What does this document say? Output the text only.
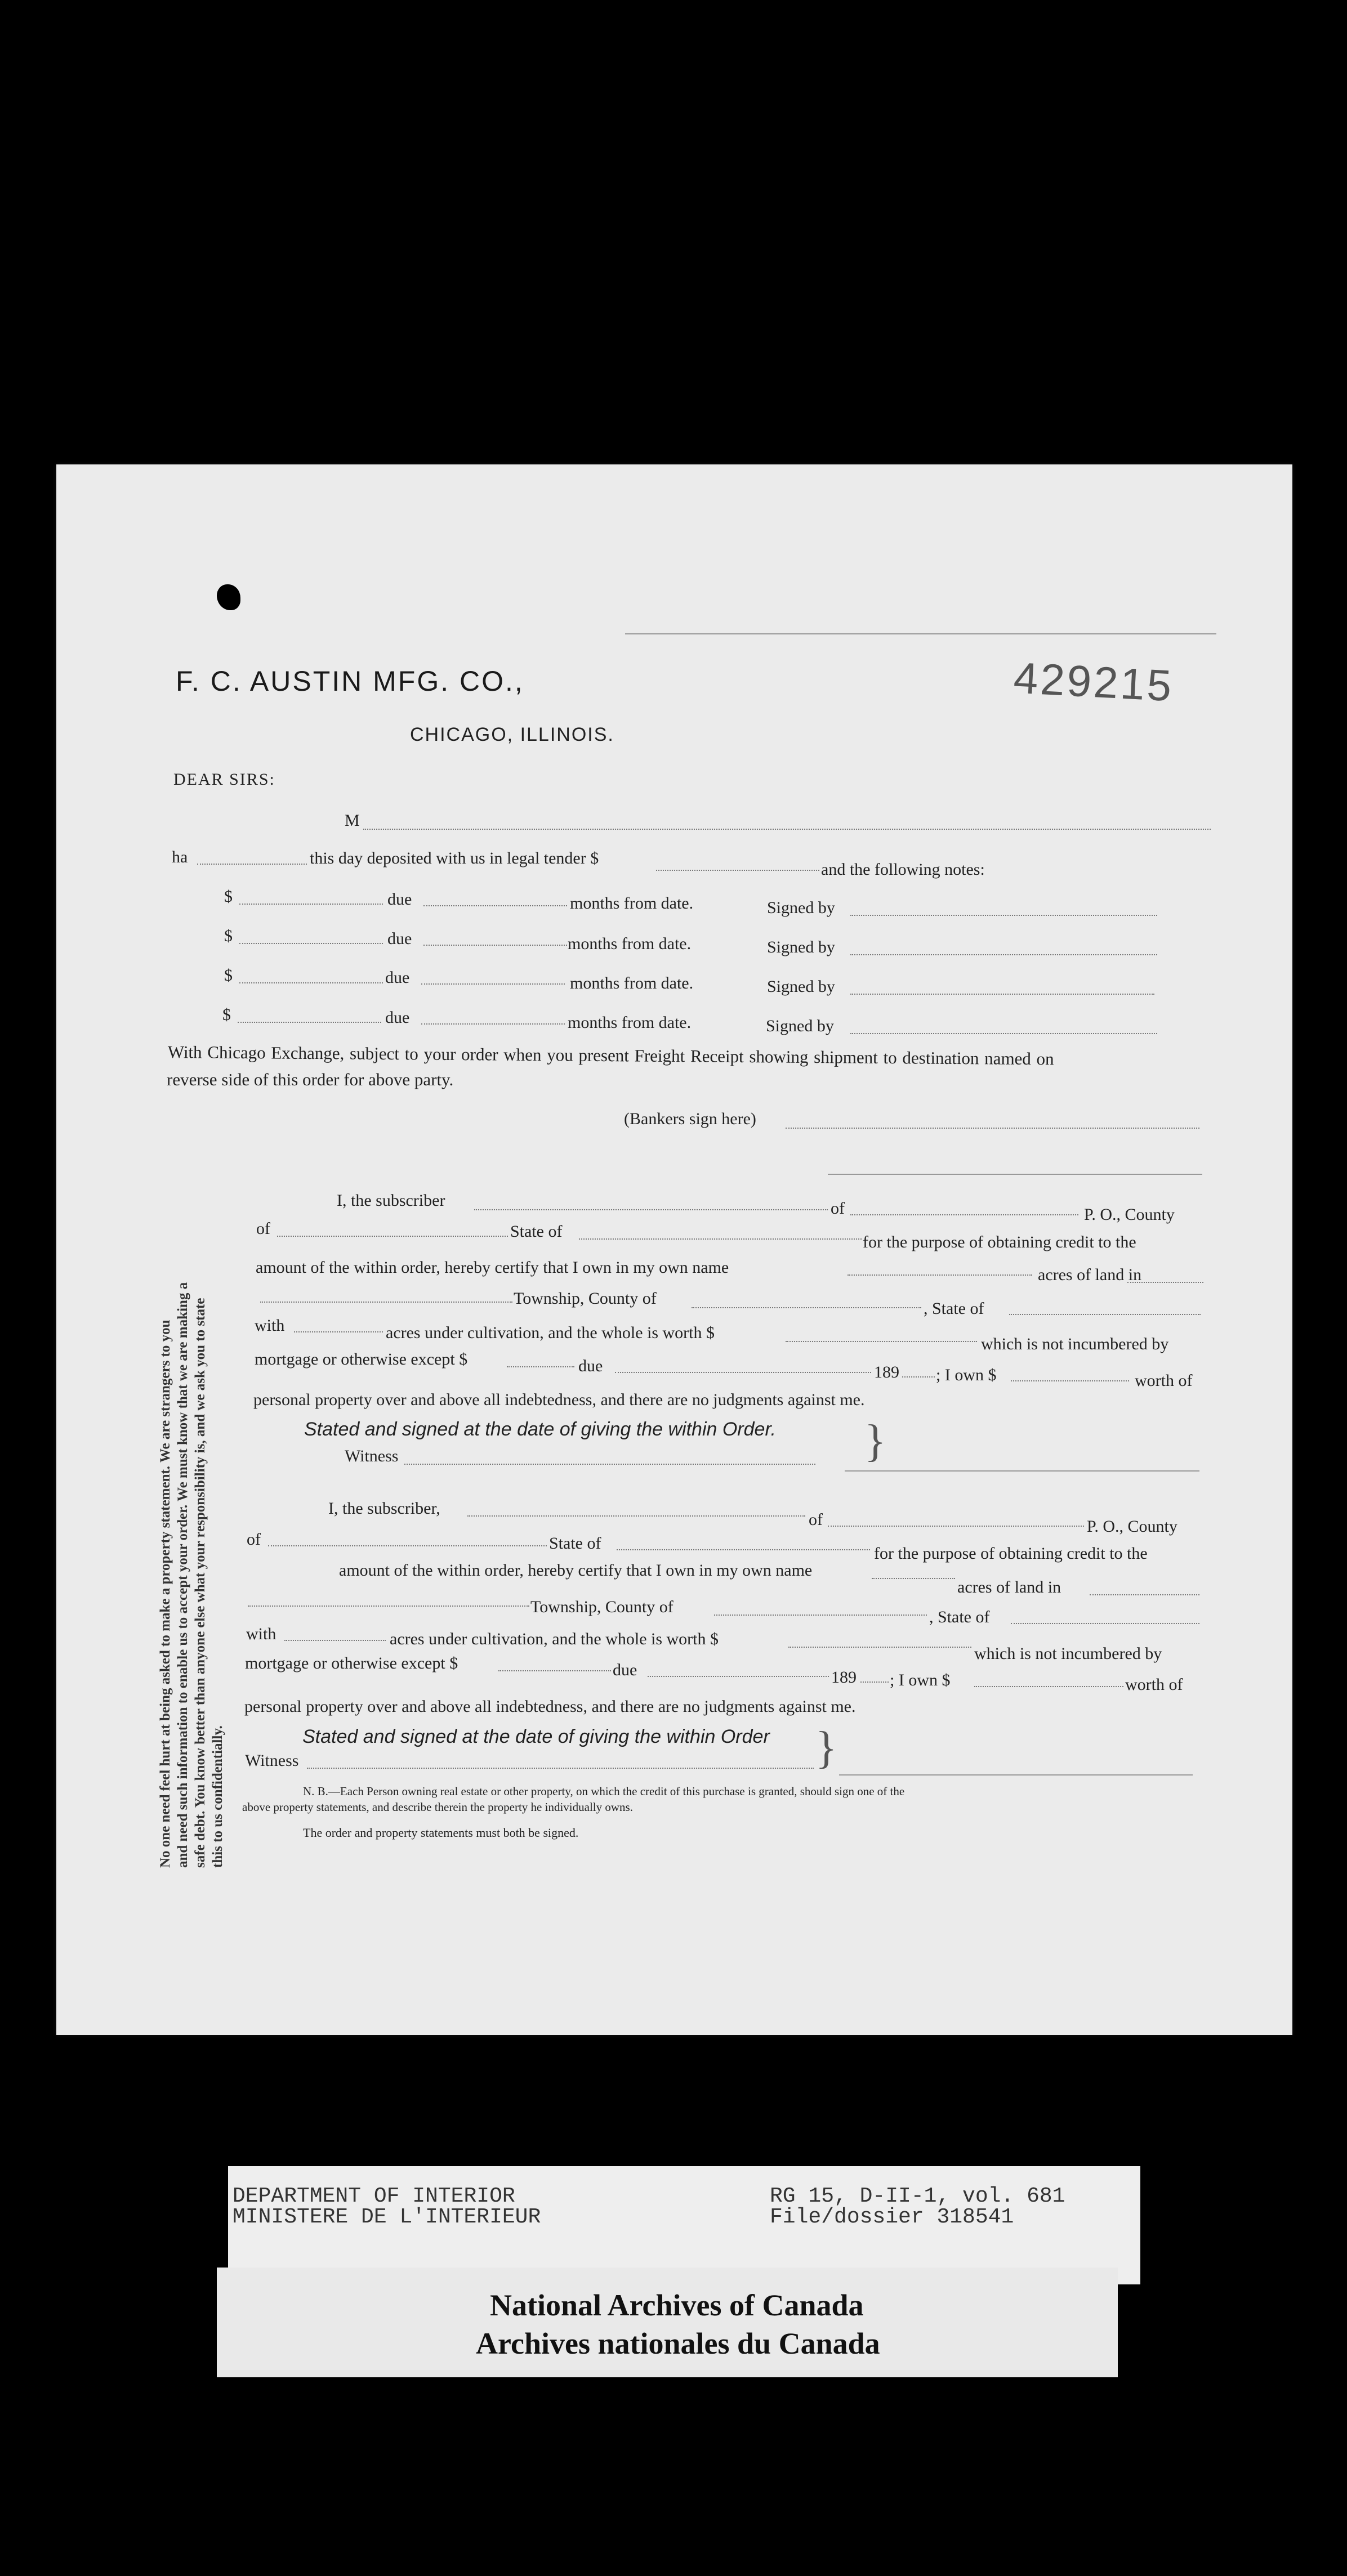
F. C. AUSTIN MFG. CO.,
CHICAGO, ILLINOIS.
429215
DEAR SIRS:
M
ha	this day deposited with us in legal tender $
and the following notes:
$	due	months from date.	Signed by
$	due	months from date.	Signed by
$	due	months from date.	Signed by
$	due	months from date.	Signed by
With Chicago Exchange, subject to your order when you present Freight Receipt showing shipment to destination named on
reverse side of this order for above party.
(Bankers sign here)
I, the subscriber	of	P. O., County
of	State of
for the purpose of obtaining credit to the
amount of the within order, hereby certify that I own in my own name	acres of land in
Township, County of
, State of
with	acres under cultivation, and the whole is worth $
which is not incumbered by
mortgage or otherwise except $	due	189 ; I own $	worth of
personal property over and above all indebtedness, and there are no judgments against me.
Stated and signed at the date of giving the within Order.
Witness	}
I, the subscriber,
of	P. O., County
of	State of
for the purpose of obtaining credit to the
amount of the within order, hereby certify that I own in my own name
acres of land in
Township, County of
, State of
with	acres under cultivation, and the whole is worth $
which is not incumbered by
mortgage or otherwise except $	due	189 ; I own $	worth of
personal property over and above all indebtedness, and there are no judgments against me.
Stated and signed at the date of giving the within Order
Witness	}
N. B.—Each Person owning real estate or other property, on which the credit of this purchase is granted, should sign one of the
above property statements, and describe therein the property he individually owns.
The order and property statements must both be signed.
No one need feel hurt at being asked to make a property statement. We are strangers to you and need such information to enable us to accept your order. We must know that we are making a safe debt. You know better than anyone else what your responsibility is, and we ask you to state this to us confidentially.
DEPARTMENT OF INTERIOR
MINISTERE DE L'INTERIEUR
RG 15, D-II-1, vol. 681
File/dossier 318541
National Archives of Canada
Archives nationales du Canada
